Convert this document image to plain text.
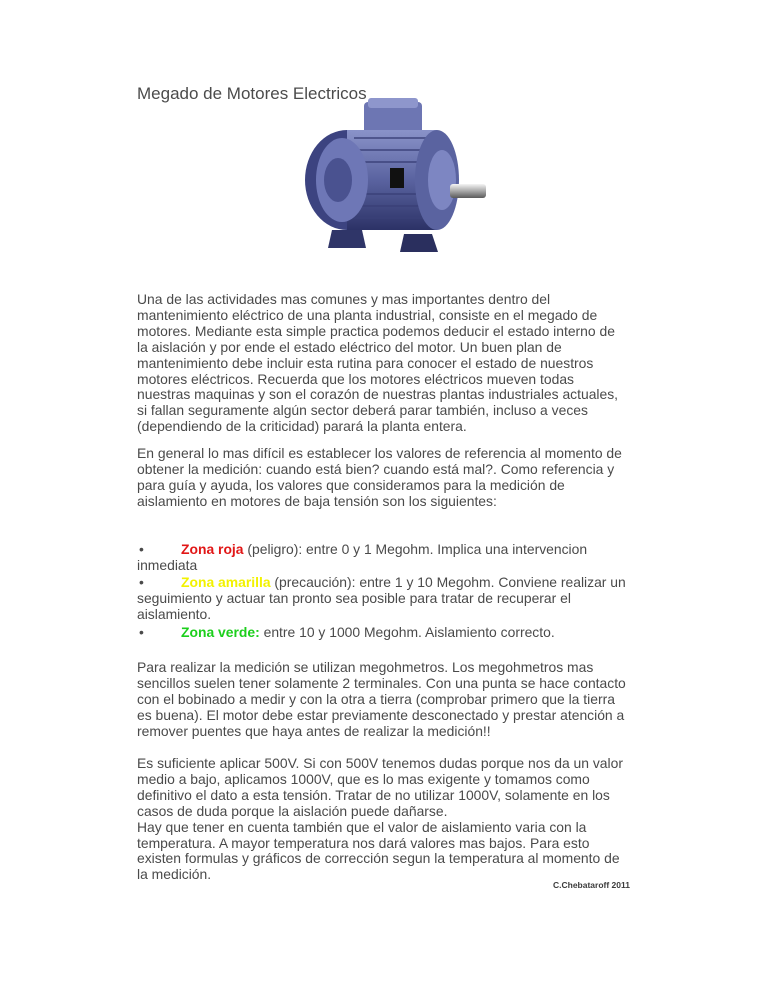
Megado de Motores Electricos

Una de las actividades mas comunes y mas importantes dentro del mantenimiento eléctrico de una planta industrial, consiste en el megado de motores. Mediante esta simple practica podemos deducir el estado interno de la aislación y por ende el estado eléctrico del motor. Un buen plan de mantenimiento debe incluir esta rutina para conocer el estado de nuestros motores eléctricos. Recuerda que los motores eléctricos mueven todas nuestras maquinas y son el corazón de nuestras plantas industriales actuales, si fallan seguramente algún sector deberá parar también, incluso a veces (dependiendo de la criticidad) parará la planta entera.

En general lo mas difícil es establecer los valores de referencia al momento de obtener la medición: cuando está bien? cuando está mal?. Como referencia y para guía y ayuda, los valores que consideramos para la medición de aislamiento en motores de baja tensión son los siguientes:

•	Zona roja (peligro): entre 0 y 1 Megohm. Implica una intervencion inmediata
•	Zona amarilla (precaución): entre 1 y 10 Megohm. Conviene realizar un seguimiento y actuar tan pronto sea posible para tratar de recuperar el aislamiento.
•	Zona verde: entre 10 y 1000 Megohm. Aislamiento correcto.

Para realizar la medición se utilizan megohmetros. Los megohmetros mas sencillos suelen tener solamente 2 terminales. Con una punta se hace contacto con el bobinado a medir y con la otra a tierra (comprobar primero que la tierra es buena). El motor debe estar previamente desconectado y prestar atención a remover puentes que haya antes de realizar la medición!!

Es suficiente aplicar 500V. Si con 500V tenemos dudas porque nos da un valor medio a bajo, aplicamos 1000V, que es lo mas exigente y tomamos como definitivo el dato a esta tensión. Tratar de no utilizar 1000V, solamente en los casos de duda porque la aislación puede dañarse.
Hay que tener en cuenta también que el valor de aislamiento varia con la temperatura. A mayor temperatura nos dará valores mas bajos. Para esto existen formulas y gráficos de corrección segun la temperatura al momento de la medición.
C.Chebataroff 2011
